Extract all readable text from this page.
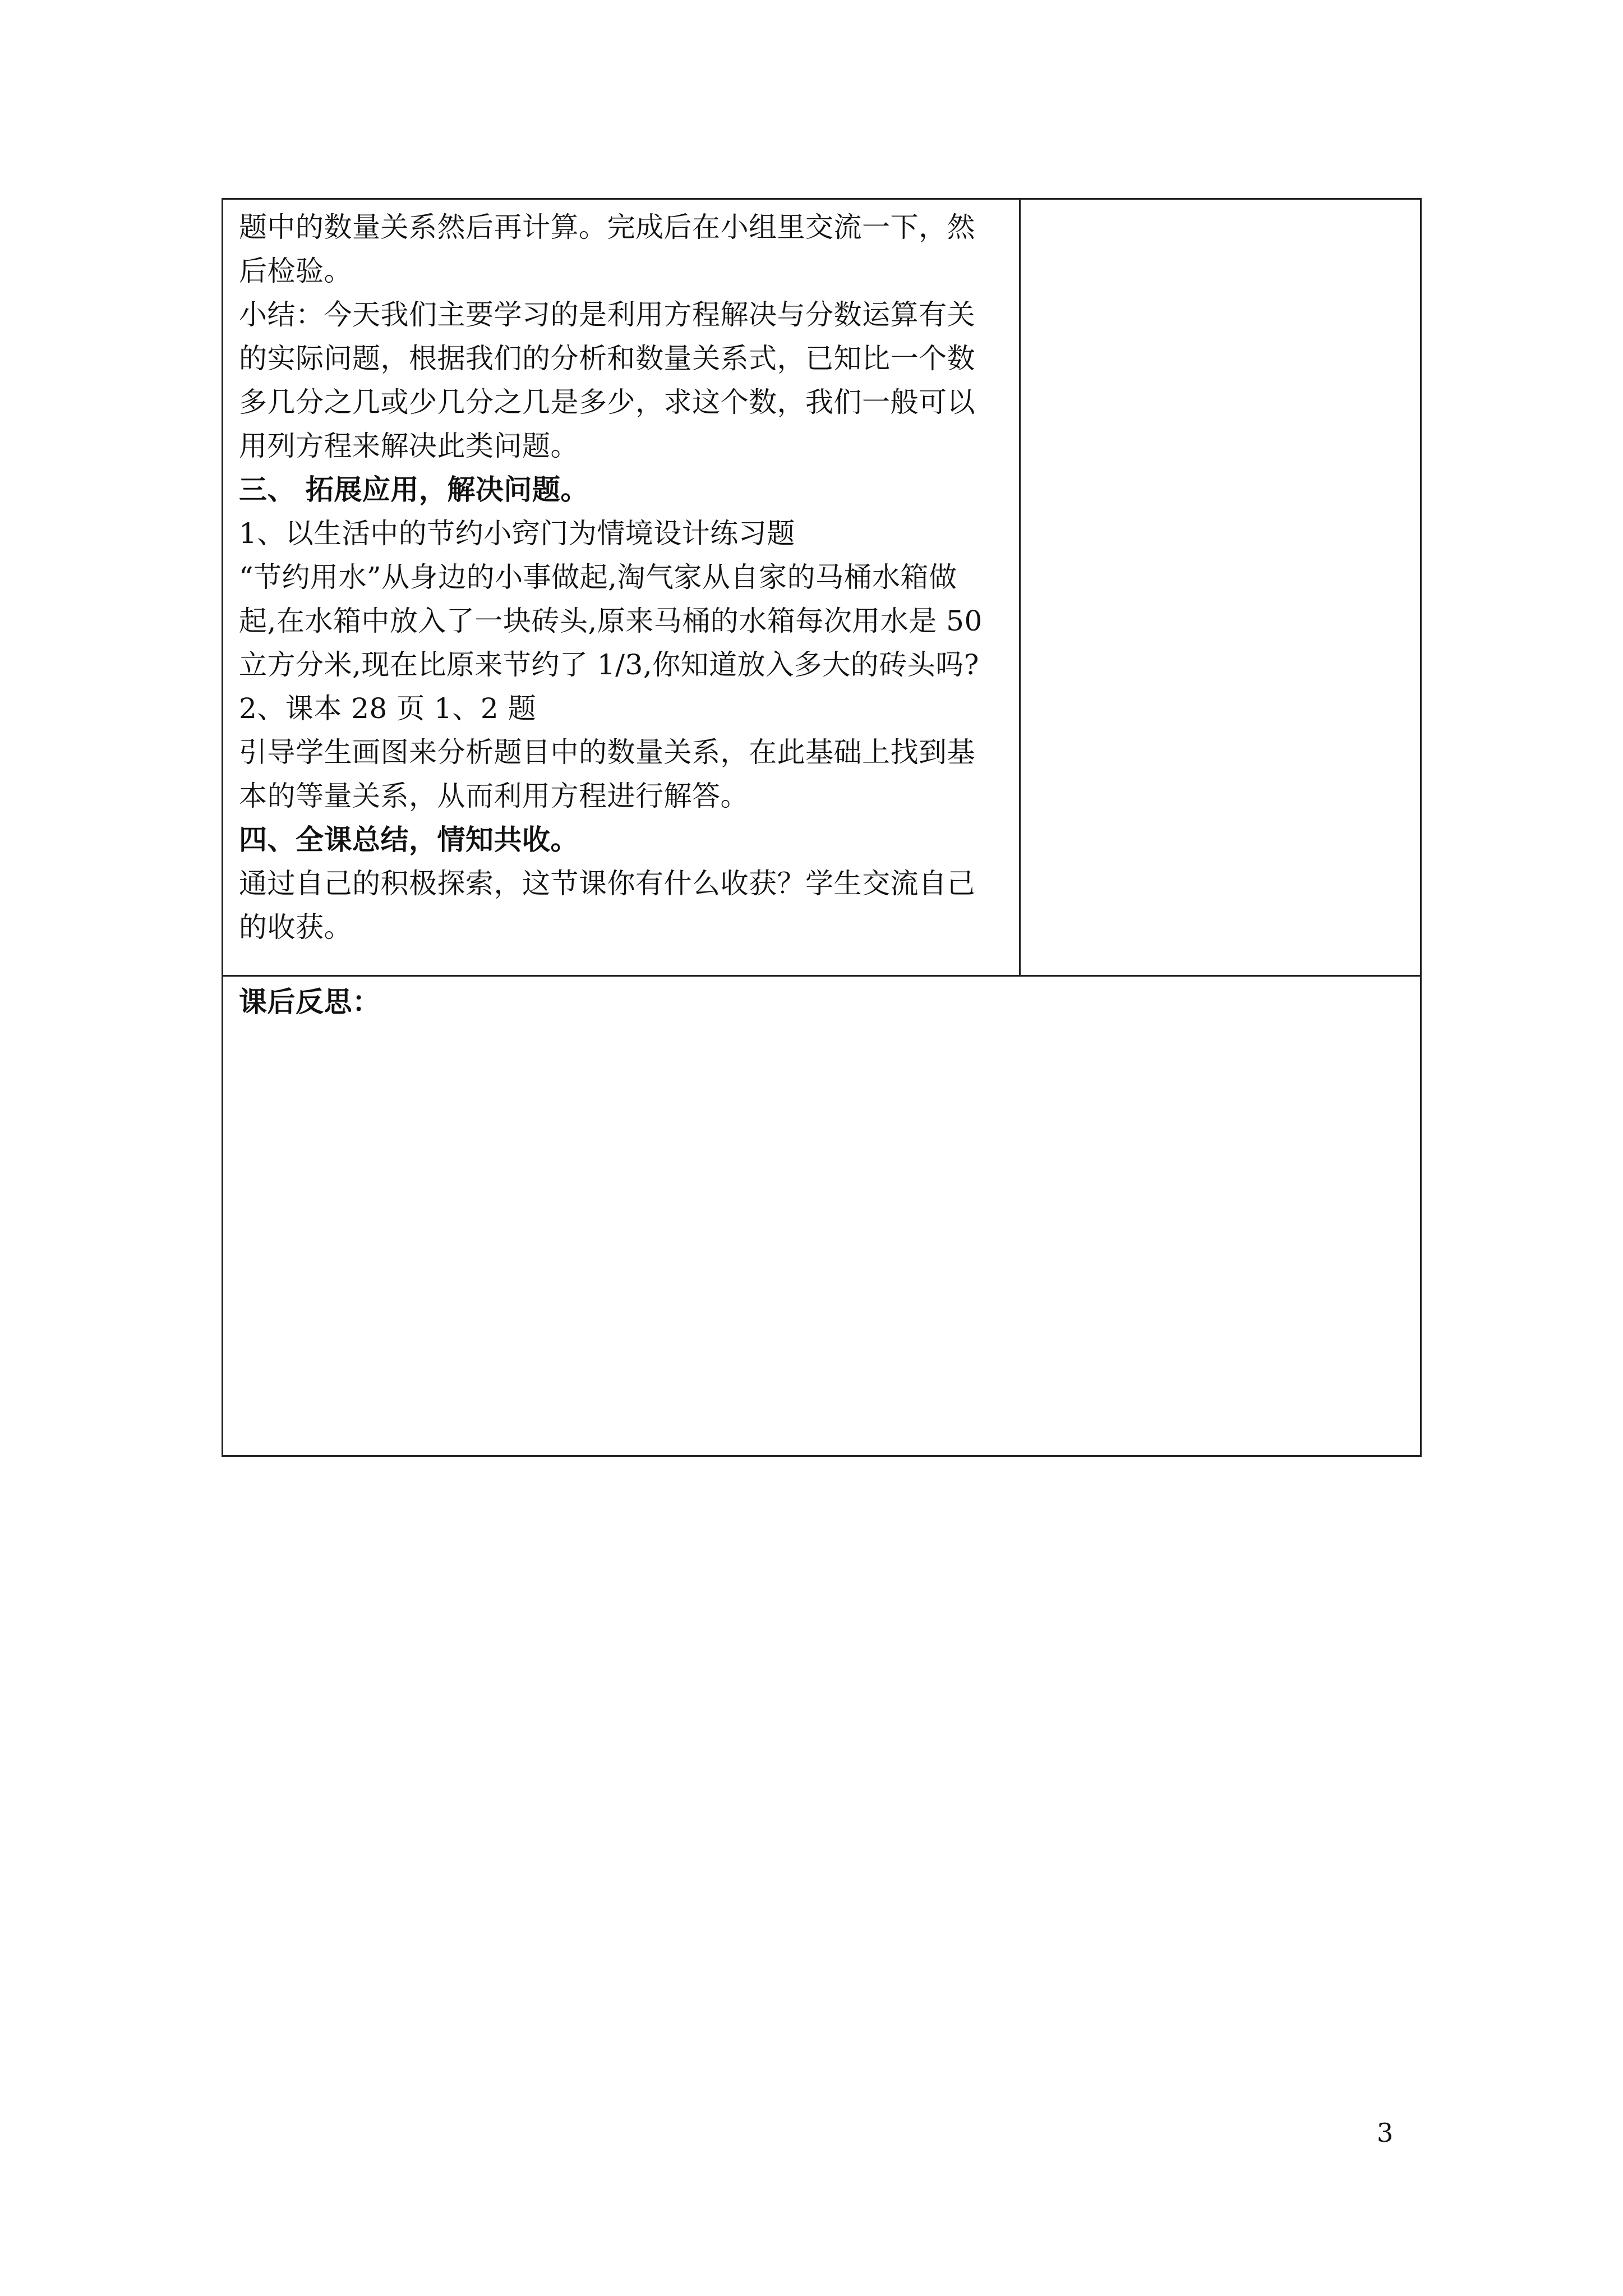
题中的数量关系然后再计算。完成后在小组里交流一下，然
后检验。
小结：今天我们主要学习的是利用方程解决与分数运算有关
的实际问题，根据我们的分析和数量关系式，已知比一个数
多几分之几或少几分之几是多少，求这个数，我们一般可以
用列方程来解决此类问题。
三、 拓展应用，解决问题。
1、以生活中的节约小窍门为情境设计练习题
“节约用水”从身边的小事做起,淘气家从自家的马桶水箱做
起,在水箱中放入了一块砖头,原来马桶的水箱每次用水是 50
立方分米,现在比原来节约了 1/3,你知道放入多大的砖头吗?
2、课本 28 页 1、2 题
引导学生画图来分析题目中的数量关系，在此基础上找到基
本的等量关系，从而利用方程进行解答。
四、全课总结，情知共收。
通过自己的积极探索，这节课你有什么收获？学生交流自己
的收获。
课后反思：
3
